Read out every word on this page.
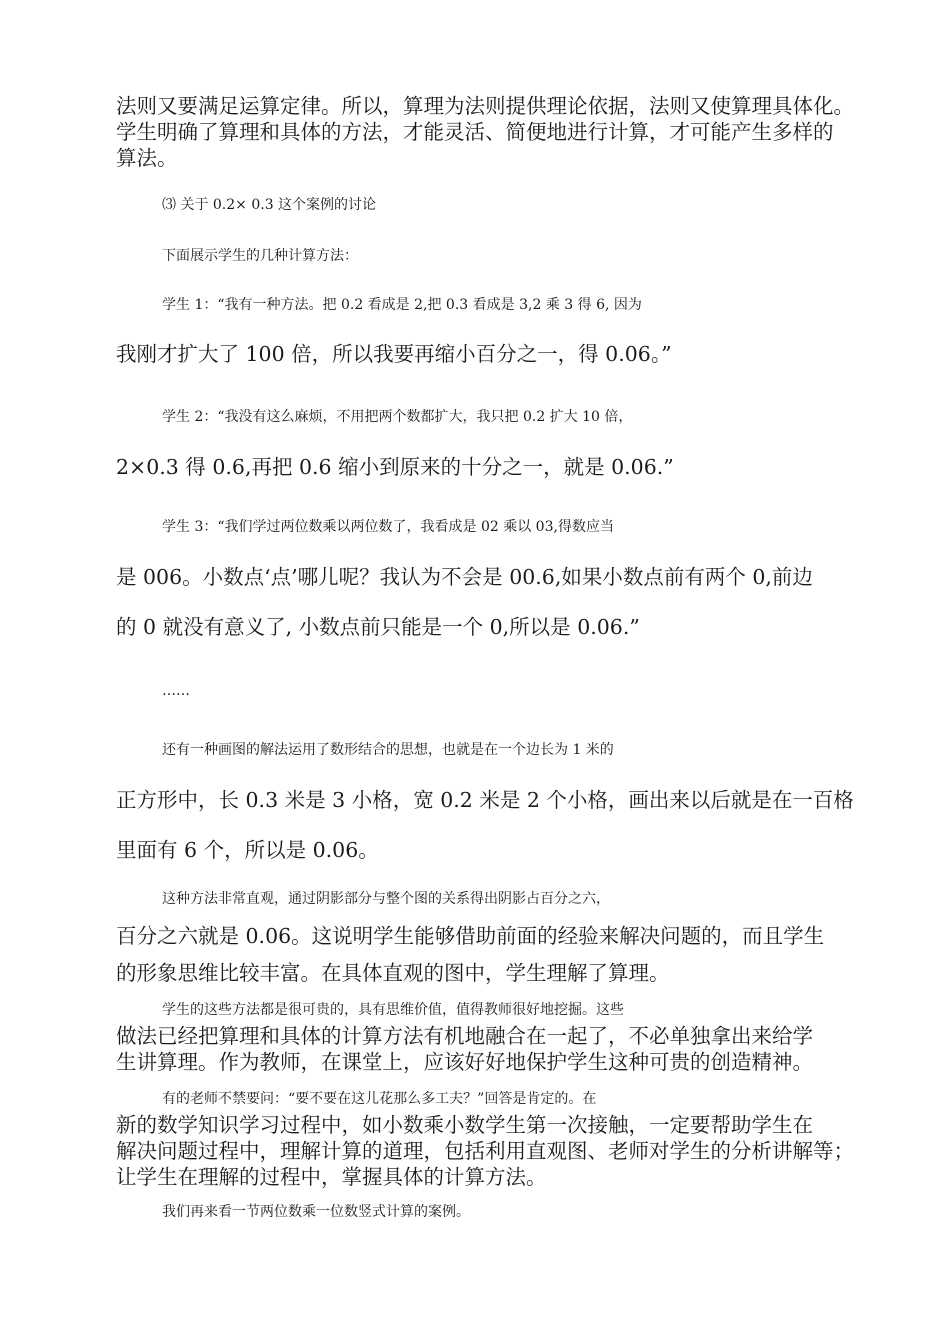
法则又要满足运算定律。所以，算理为法则提供理论依据，法则又使算理具体化。
学生明确了算理和具体的方法，才能灵活、简便地进行计算，才可能产生多样的
算法。
⑶ 关于 0.2× 0.3 这个案例的讨论
下面展示学生的几种计算方法：
学生 1：“我有一种方法。把 0.2 看成是 2,把 0.3 看成是 3,2 乘 3 得 6, 因为
我刚才扩大了 100 倍，所以我要再缩小百分之一，得 0.06。”
学生 2：“我没有这么麻烦，不用把两个数都扩大，我只把 0.2 扩大 10 倍，
2×0.3 得 0.6,再把 0.6 缩小到原来的十分之一，就是 0.06.”
学生 3：“我们学过两位数乘以两位数了，我看成是 02 乘以 03,得数应当
是 006。小数点‘点’哪儿呢？我认为不会是 00.6,如果小数点前有两个 0,前边
的 0 就没有意义了, 小数点前只能是一个 0,所以是 0.06.”
……
还有一种画图的解法运用了数形结合的思想，也就是在一个边长为 1 米的
正方形中，长 0.3 米是 3 小格，宽 0.2 米是 2 个小格，画出来以后就是在一百格
里面有 6 个，所以是 0.06。
这种方法非常直观，通过阴影部分与整个图的关系得出阴影占百分之六，
百分之六就是 0.06。这说明学生能够借助前面的经验来解决问题的，而且学生
的形象思维比较丰富。在具体直观的图中，学生理解了算理。
学生的这些方法都是很可贵的，具有思维价值，值得教师很好地挖掘。这些
做法已经把算理和具体的计算方法有机地融合在一起了，不必单独拿出来给学
生讲算理。作为教师，在课堂上，应该好好地保护学生这种可贵的创造精神。
有的老师不禁要问：“要不要在这儿花那么多工夫？”回答是肯定的。在
新的数学知识学习过程中，如小数乘小数学生第一次接触，一定要帮助学生在
解决问题过程中，理解计算的道理，包括利用直观图、老师对学生的分析讲解等；
让学生在理解的过程中，掌握具体的计算方法。
我们再来看一节两位数乘一位数竖式计算的案例。
